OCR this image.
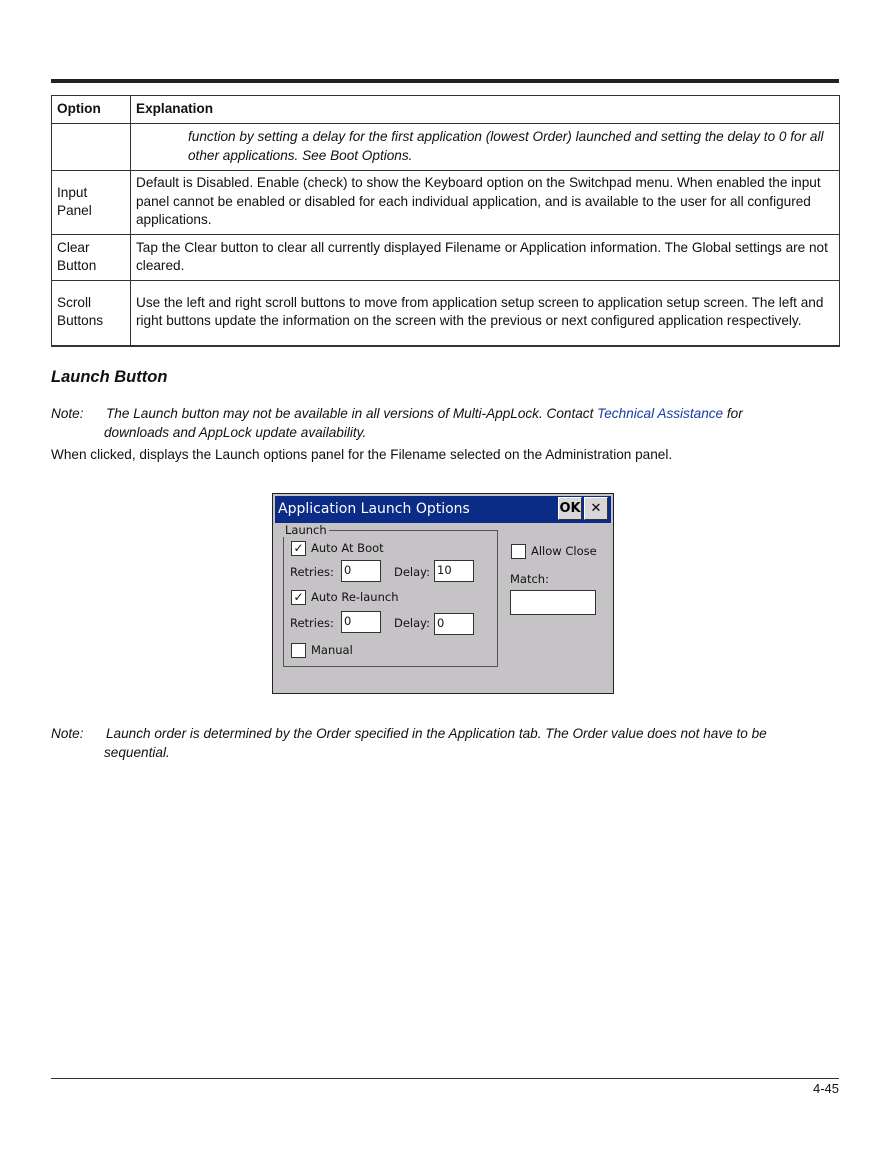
Option	Explanation

	function by setting a delay for the first application (lowest Order) launched and setting the delay to 0 for all other applications. See Boot Options.

Input Panel	Default is Disabled. Enable (check) to show the Keyboard option on the Switchpad menu. When enabled the input panel cannot be enabled or disabled for each individual application, and is available to the user for all configured applications.
Clear Button	Tap the Clear button to clear all currently displayed Filename or Application information. The Global settings are not cleared.
Scroll Buttons	Use the left and right scroll buttons to move from application setup screen to application setup screen. The left and right buttons update the information on the screen with the previous or next configured application respectively.
Launch Button
Note: The Launch button may not be available in all versions of Multi-AppLock. Contact Technical Assistance for
downloads and AppLock update availability.
When clicked, displays the Launch options panel for the Filename selected on the Administration panel.
Application Launch Options	OK ✕
Launch
✓ Auto At Boot
Retries: 0	Delay: 10
✓ Auto Re-launch
Retries: 0	Delay: 0
Manual
Allow Close
Match:
Note: Launch order is determined by the Order specified in the Application tab. The Order value does not have to be
sequential.
4-45
